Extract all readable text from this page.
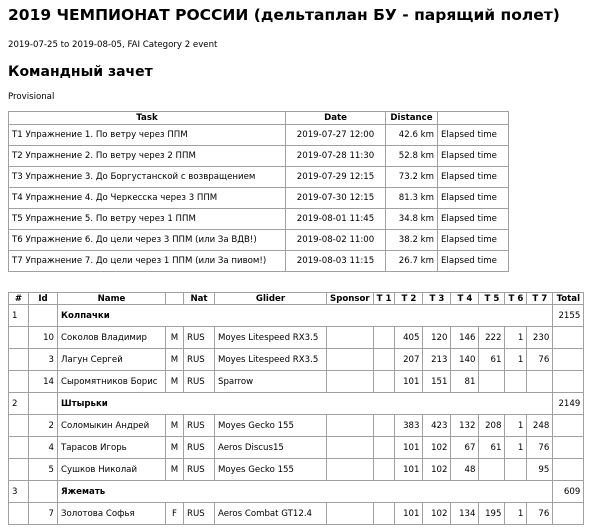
2019 ЧЕМПИОНАТ РОССИИ (дельтаплан БУ - парящий полет)

2019-07-25 to 2019-08-05, FAI Category 2 event

Командный зачет

Provisional

Task	Date	Distance	
T1 Упражнение 1. По ветру через ППМ	2019-07-27 12:00	42.6 km	Elapsed time
T2 Упражнение 2. По ветру через 2 ППМ	2019-07-28 11:30	52.8 km	Elapsed time
T3 Упражнение 3. До Боргустанской с возвращением	2019-07-29 12:15	73.2 km	Elapsed time
T4 Упражнение 4. До Черкесска через 3 ППМ	2019-07-30 12:15	81.3 km	Elapsed time
T5 Упражнение 5. По ветру через 1 ППМ	2019-08-01 11:45	34.8 km	Elapsed time
T6 Упражнение 6. До цели через 3 ППМ (или За ВДВ!)	2019-08-02 11:00	38.2 km	Elapsed time
T7 Упражнение 7. До цели через 1 ППМ (или За пивом!)	2019-08-03 11:15	26.7 km	Elapsed time
#	Id	Name		Nat	Glider	Sponsor	T 1	T 2	T 3	T 4	T 5	T 6	T 7	Total
1		Колпачки												2155
	10	Соколов Владимир	M	RUS	Moyes Litespeed RX3.5			405	120	146	222	1	230	
	3	Лагун Сергей	M	RUS	Moyes Litespeed RX3.5			207	213	140	61	1	76	
	14	Сыромятников Борис	M	RUS	Sparrow			101	151	81				
2		Штырьки												2149
	2	Соломыкин Андрей	M	RUS	Moyes Gecko 155			383	423	132	208	1	248	
	4	Тарасов Игорь	M	RUS	Aeros Discus15			101	102	67	61	1	76	
	5	Сушков Николай	M	RUS	Moyes Gecko 155			101	102	48			95	
3		Яжемать												609
	7	Золотова Софья	F	RUS	Aeros Combat GT12.4			101	102	134	195	1	76	
